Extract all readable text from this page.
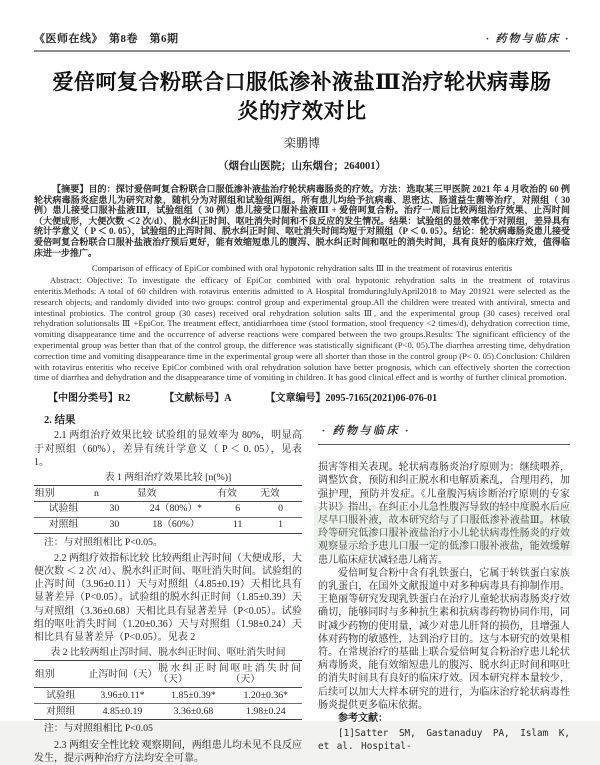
《医师在线》　第8卷　第6期	· 药物与临床 ·
爱倍呵复合粉联合口服低渗补液盐Ⅲ治疗轮状病毒肠炎的疗效对比
栾鹏博
（烟台山医院；山东烟台；264001）
【摘要】目的：探讨爱倍呵复合粉联合口服低渗补液盐治疗轮状病毒肠炎的疗效。方法：选取某三甲医院 2021 年 4 月收治的 60 例轮状病毒肠炎症患儿为研究对象，随机分为对照组和试验组两组。所有患儿均给予抗病毒、思密达、肠道益生菌等治疗，对照组（ 30 例）患儿接受口服补盐液Ⅲ，试验组组（ 30 例）患儿接受口服补盐液Ⅲ + 爱倍呵复合粉。治疗一周后比较两组治疗效果、止泻时间（大便成形，大便次数 ＜2 次/d）、脱水纠正时间、呕吐消失时间和不良反应的发生情况。结果：试验组的显效率优于对照组，差异具有统计学意义（ P ＜ 0. 05），试验组的止泻时间、脱水纠正时间、呕吐消失时间均短于对照组（P ＜ 0. 05）。结论：轮状病毒肠炎患儿接受爱倍呵复合粉联合口服补盐液治疗预后更好，能有效缩短患儿的腹泻、脱水纠正时间和呕吐的消失时间，具有良好的临床疗效，值得临床进一步推广。
Comparison of efficacy of EpiCor combined with oral hypotonic rehydration salts Ⅲ in the treatment of rotavirus enteritis
Abstract: Objective: To investigate the efficacy of EpiCor combined with oral hypotonic rehydration salts in the treatment of rotavirus enteritis.Methods: A total of 60 children with rotavirus enteritis admitted to A Hospital fromduringJulyApril2018 to May 201921 were selected as the research objects, and randomly divided into two groups: control group and experimental group.All the children were treated with antiviral, smecta and intestinal probiotics. The control group (30 cases) received oral rehydration solution salts Ⅲ, and the experimental group (30 cases) received oral rehydration solutionsalts Ⅲ +EpiCor. The treatment effect, antidiarrhoea time (stool formation, stool frequency <2 times/d), dehydration correction time, vomiting disappearance time and the occurrence of adverse reactions were compared between the two groups.Results: The significant efficiency of the experimental group was better than that of the control group, the difference was statistically significant (P<0. 05).The diarrhea arresting time, dehydration correction time and vomiting disappearance time in the experimental group were all shorter than those in the control group (P< 0. 05).Conclusion: Children with rotavirus enteritis who receive EpiCor combined with oral rehydration solution have better prognosis, which can effectively shorten the correction time of diarrhea and dehydration and the disappearance time of vomiting in children. It has good clinical effect and is worthy of further clinical promotion.
【中图分类号】R2	【文献标号】A	【文章编号】2095-7165(2021)06-076-01
2. 结果

2.1 两组治疗效果比较 试验组的显效率为 80%，明显高于对照组（60%），差异有统计学意义（ P ＜ 0. 05），见表 1。

表 1 两组治疗效果比较 [n(%)]
组别	n	显效	有效	无效
试验组	30	24（80%）*	6	0
对照组	30	18（60%）	11	1
注：与对照组相比 P<0.05。

2.2 两组疗效指标比较 比较两组止泻时间（大便成形，大便次数 ＜ 2 次 /d）、脱水纠正时间、呕吐消失时间。试验组的止泻时间（3.96±0.11）天与对照组（4.85±0.19）天相比具有显著差异（P<0.05）。试验组的脱水纠正时间（1.85±0.39）天与对照组（3.36±0.68）天相比具有显著差异（P<0.05）。试验组的呕吐消失时间（1.20±0.36）天与对照组（1.98±0.24）天相比具有显著差异（P<0.05）。见表 2

表 2 比较两组止泻时间、脱水纠正时间、呕吐消失时间
组别	止泻时间（天）	脱水纠正时间（天）	呕吐消失时间（天）
试验组	3.96±0.11*	1.85±0.39*	1.20±0.36*
对照组	4.85±0.19	3.36±0.68	1.98±0.24
注：与对照组相比 P<0.05

2.3 两组安全性比较 观察期间，两组患儿均未见不良反应发生，提示两种治疗方法均安全可靠。

· 药物与临床 ·

损害等相关表现。轮状病毒肠炎治疗原则为：继续喂养，调整饮食，预防和纠正脱水和电解质紊乱，合理用药，加强护理，预防并发症。《儿童腹泻病诊断治疗原则的专家共识》指出，在纠正小儿急性腹泻导致的轻中度脱水后应尽早口服补液，故本研究给与了口服低渗补液盐Ⅲ。林敏玲等研究低渗口服补液盐治疗小儿轮状病毒性肠炎的疗效观察显示给予患儿口服一定的低渗口服补液盐，能效缓解患儿临床症状减轻患儿痛苦。

爱倍呵复合粉中含有乳铁蛋白，它属于转铁蛋白家族的乳蛋白，在国外文献报道中对多种病毒具有抑制作用。王艳丽等研究发现乳铁蛋白在治疗儿童轮状病毒肠炎疗效确切，能够同时与多种抗生素和抗病毒药物协同作用，同时减少药物的使用量，减少对患儿肝肾的损伤，且增强人体对药物的敏感性，达到治疗目的。这与本研究的效果相符。在常规治疗的基础上联合爱倍呵复合粉治疗患儿轮状病毒肠炎，能有效缩短患儿的腹泻、脱水纠正时间和呕吐的消失时间具有良好的临床疗效。因本研究样本量较少，后续可以加大大样本研究的进行，为临床治疗轮状病毒性肠炎提供更多临床依据。

参考文献：

[1]Satter SM, Gastanaduy PA, Islam K, et al. Hospital-
